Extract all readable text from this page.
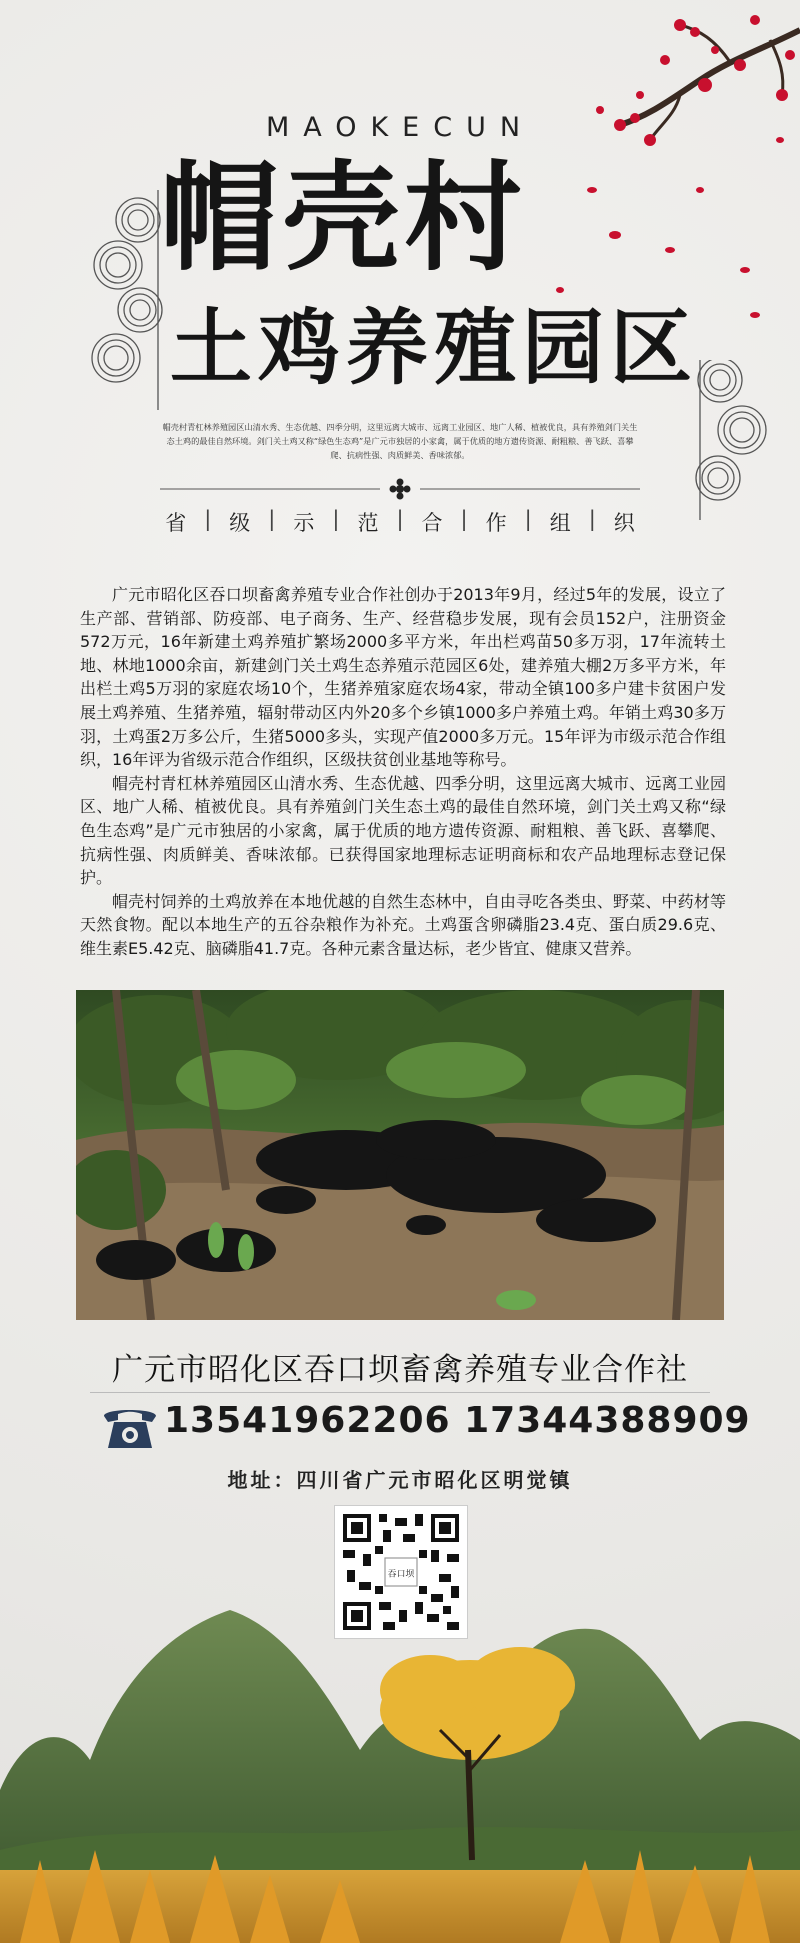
MAOKECUN
帽壳村
土鸡养殖园区
帽壳村青杠林养殖园区山清水秀、生态优越、四季分明，这里远离大城市、远离工业园区、地广人稀、植被优良，具有养殖剑门关生态土鸡的最佳自然环境。剑门关土鸡又称“绿色生态鸡”是广元市独居的小家禽，属于优质的地方遗传资源、耐粗粮、善飞跃、喜攀爬、抗病性强、肉质鲜美、香味浓郁。
省 | 级 | 示 | 范 | 合 | 作 | 组 | 织

广元市昭化区吞口坝畜禽养殖专业合作社创办于2013年9月，经过5年的发展，设立了生产部、营销部、防疫部、电子商务、生产、经营稳步发展，现有会员152户，注册资金572万元，16年新建土鸡养殖扩繁场2000多平方米，年出栏鸡苗50多万羽，17年流转土地、林地1000余亩，新建剑门关土鸡生态养殖示范园区6处，建养殖大棚2万多平方米，年出栏土鸡5万羽的家庭农场10个，生猪养殖家庭农场4家，带动全镇100多户建卡贫困户发展土鸡养殖、生猪养殖，辐射带动区内外20多个乡镇1000多户养殖土鸡。年销土鸡30多万羽，土鸡蛋2万多公斤，生猪5000多头，实现产值2000多万元。15年评为市级示范合作组织，16年评为省级示范合作组织，区级扶贫创业基地等称号。

帽壳村青杠林养殖园区山清水秀、生态优越、四季分明，这里远离大城市、远离工业园区、地广人稀、植被优良。具有养殖剑门关生态土鸡的最佳自然环境，剑门关土鸡又称“绿色生态鸡”是广元市独居的小家禽，属于优质的地方遗传资源、耐粗粮、善飞跃、喜攀爬、抗病性强、肉质鲜美、香味浓郁。已获得国家地理标志证明商标和农产品地理标志登记保护。

帽壳村饲养的土鸡放养在本地优越的自然生态林中，自由寻吃各类虫、野菜、中药材等天然食物。配以本地生产的五谷杂粮作为补充。土鸡蛋含卵磷脂23.4克、蛋白质29.6克、维生素E5.42克、脑磷脂41.7克。各种元素含量达标，老少皆宜、健康又营养。

广元市昭化区吞口坝畜禽养殖专业合作社
13541962206 17344388909
地址：四川省广元市昭化区明觉镇
吞口坝
